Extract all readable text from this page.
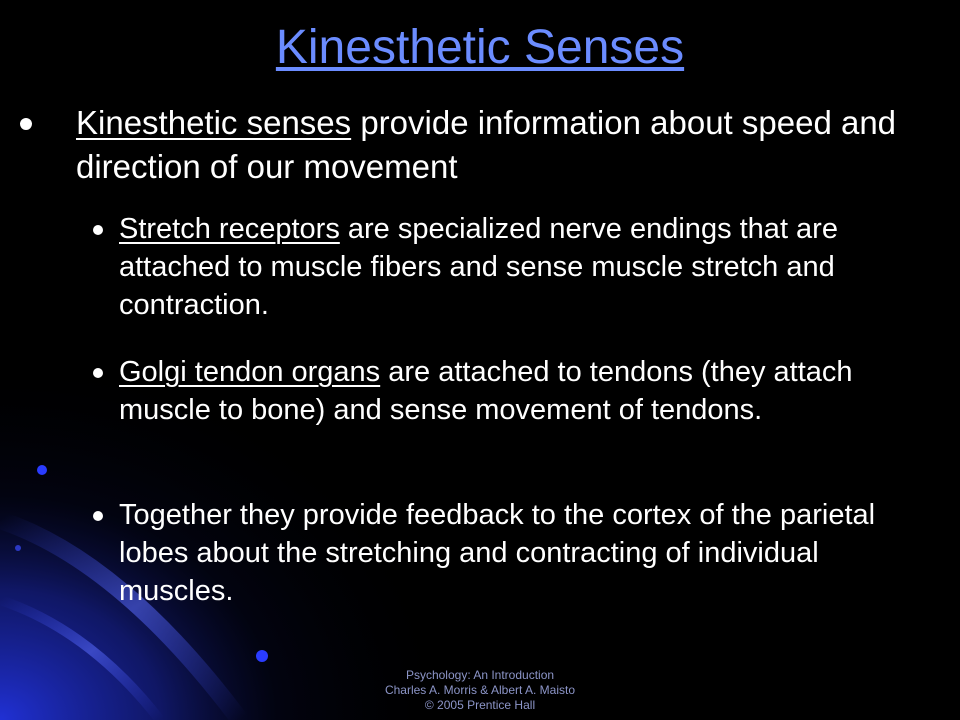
Kinesthetic Senses
Kinesthetic senses provide information about speed and direction of our movement
Stretch receptors are specialized nerve endings that are attached to muscle fibers and sense muscle stretch and contraction.
Golgi tendon organs are attached to tendons (they attach muscle to bone) and sense movement of tendons.
Together they provide feedback to the cortex of the parietal lobes about the stretching and contracting of individual muscles.
Psychology: An Introduction
Charles A. Morris & Albert A. Maisto
© 2005 Prentice Hall
